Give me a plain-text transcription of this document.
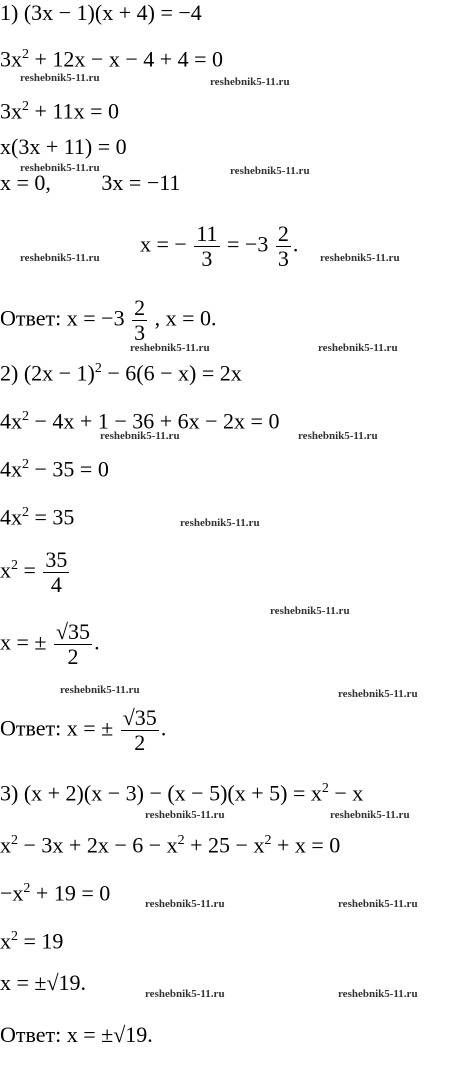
1) (3x − 1)(x + 4) = −4
$3x^2 + 12x - x - 4 + 4 = 0$
$3x^2 + 11x = 0$
x(3x + 11) = 0
x = 0, 3x = −11
x = − $\frac{11}{3} = -3 \frac{2}{3}$ .
Ответ: $x = -3 \frac{2}{3}$ , x = 0.
2) $(2x - 1)^2 - 6(6 - x) = 2x$
$4x^2 - 4x + 1 - 36 + 6x - 2x = 0$
$4x^2 - 35 = 0$
$4x^2 = 35$
$x^2 = \frac{35}{4}$
x = ± $\frac{√35}{2}$ .
Ответ: x = ± $\frac{√35}{2}$ .
3) $(x + 2)(x - 3) - (x - 5)(x + 5) = x^2 - x$
$x^2 - 3x + 2x - 6 - x^2 + 25 - x^2 + x = 0$
$-x^2 + 19 = 0$
$x^2 = 19$
x = ±√19.
Ответ: x = ±√19.
reshebnik5-11.ru	reshebnik5-11.ru
reshebnik5-11.ru	reshebnik5-11.ru
reshebnik5-11.ru	reshebnik5-11.ru
reshebnik5-11.ru	reshebnik5-11.ru
reshebnik5-11.ru	reshebnik5-11.ru
reshebnik5-11.ru
reshebnik5-11.ru
reshebnik5-11.ru	reshebnik5-11.ru
reshebnik5-11.ru	reshebnik5-11.ru
reshebnik5-11.ru	reshebnik5-11.ru
reshebnik5-11.ru	reshebnik5-11.ru
